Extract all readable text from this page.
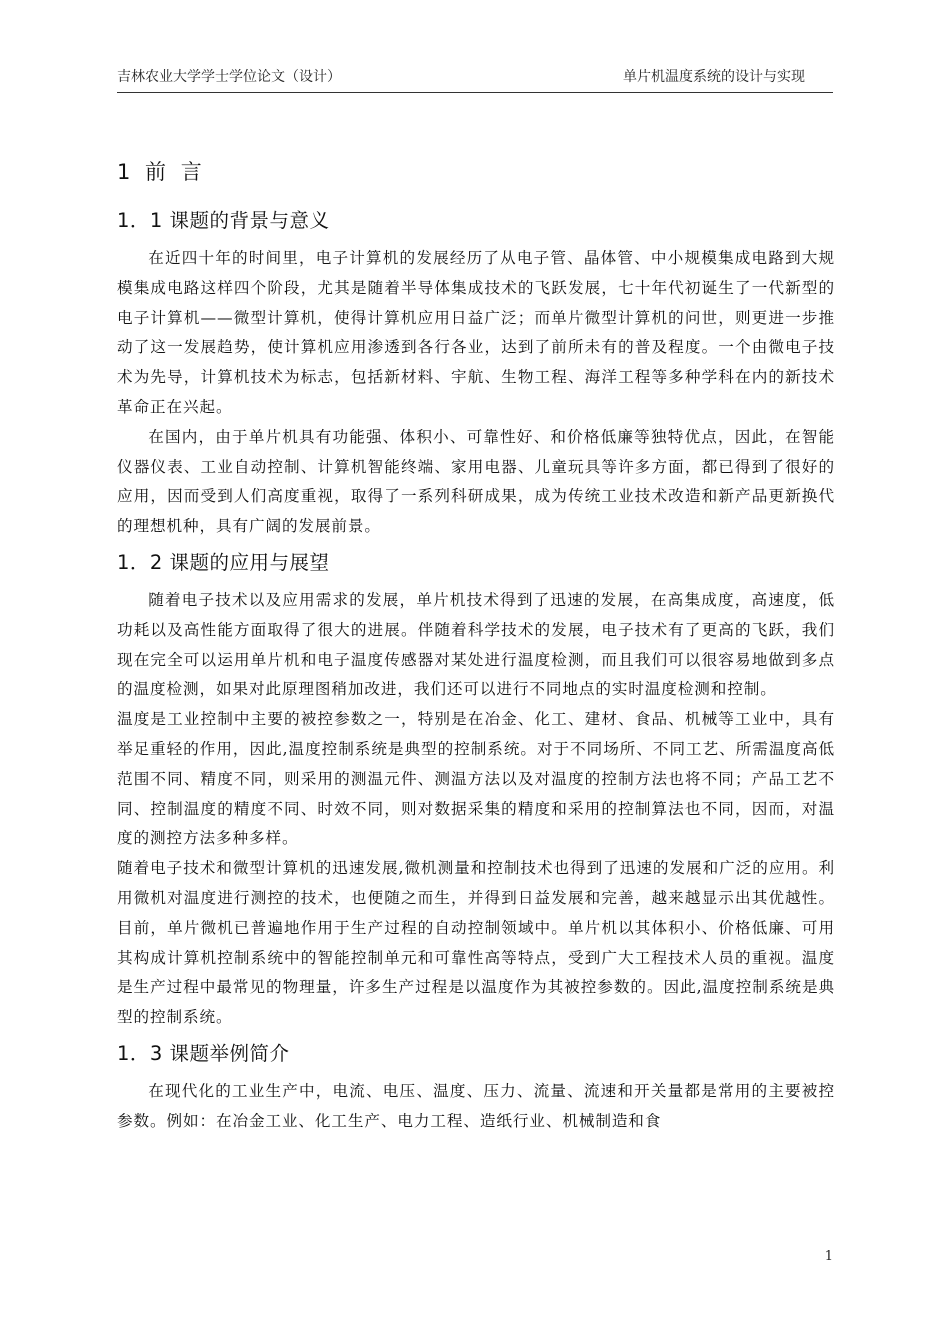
吉林农业大学学士学位论文（设计）	单片机温度系统的设计与实现
1 前 言
1．1 课题的背景与意义

在近四十年的时间里，电子计算机的发展经历了从电子管、晶体管、中小规模集成电路到大规模集成电路这样四个阶段，尤其是随着半导体集成技术的飞跃发展，七十年代初诞生了一代新型的电子计算机——微型计算机，使得计算机应用日益广泛；而单片微型计算机的问世，则更进一步推动了这一发展趋势，使计算机应用渗透到各行各业，达到了前所未有的普及程度。一个由微电子技术为先导，计算机技术为标志，包括新材料、宇航、生物工程、海洋工程等多种学科在内的新技术革命正在兴起。

在国内，由于单片机具有功能强、体积小、可靠性好、和价格低廉等独特优点，因此，在智能仪器仪表、工业自动控制、计算机智能终端、家用电器、儿童玩具等许多方面，都已得到了很好的应用，因而受到人们高度重视，取得了一系列科研成果，成为传统工业技术改造和新产品更新换代的理想机种，具有广阔的发展前景。

1．2 课题的应用与展望

随着电子技术以及应用需求的发展，单片机技术得到了迅速的发展，在高集成度，高速度，低功耗以及高性能方面取得了很大的进展。伴随着科学技术的发展，电子技术有了更高的飞跃，我们现在完全可以运用单片机和电子温度传感器对某处进行温度检测，而且我们可以很容易地做到多点的温度检测，如果对此原理图稍加改进，我们还可以进行不同地点的实时温度检测和控制。

温度是工业控制中主要的被控参数之一，特别是在冶金、化工、建材、食品、机械等工业中，具有举足重轻的作用，因此,温度控制系统是典型的控制系统。对于不同场所、不同工艺、所需温度高低 范围不同、精度不同，则采用的测温元件、测温方法以及对温度的控制方法也将不同；产品工艺不同、控制温度的精度不同、时效不同，则对数据采集的精度和采用的控制算法也不同，因而，对温度的测控方法多种多样。

随着电子技术和微型计算机的迅速发展,微机测量和控制技术也得到了迅速的发展和广泛的应用。利用微机对温度进行测控的技术，也便随之而生，并得到日益发展和完善，越来越显示出其优越性。目前，单片微机已普遍地作用于生产过程的自动控制领域中。单片机以其体积小、价格低廉、可用其构成计算机控制系统中的智能控制单元和可靠性高等特点，受到广大工程技术人员的重视。温度是生产过程中最常见的物理量，许多生产过程是以温度作为其被控参数的。因此,温度控制系统是典型的控制系统。

1．3 课题举例简介

在现代化的工业生产中，电流、电压、温度、压力、流量、流速和开关量都是常用的主要被控参数。例如：在冶金工业、化工生产、电力工程、造纸行业、机械制造和食

1
